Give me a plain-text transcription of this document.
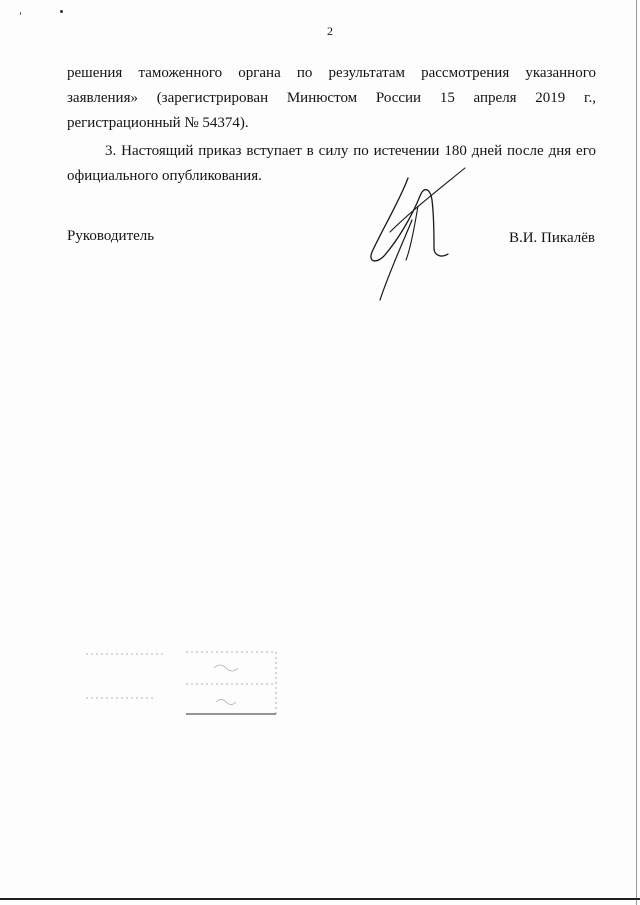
2
решения таможенного органа по результатам рассмотрения указанного
заявления» (зарегистрирован Минюстом России 15 апреля 2019 г.,
регистрационный № 54374).
3. Настоящий приказ вступает в силу по истечении 180 дней после дня его
официального опубликования.
Руководитель	В.И. Пикалёв
